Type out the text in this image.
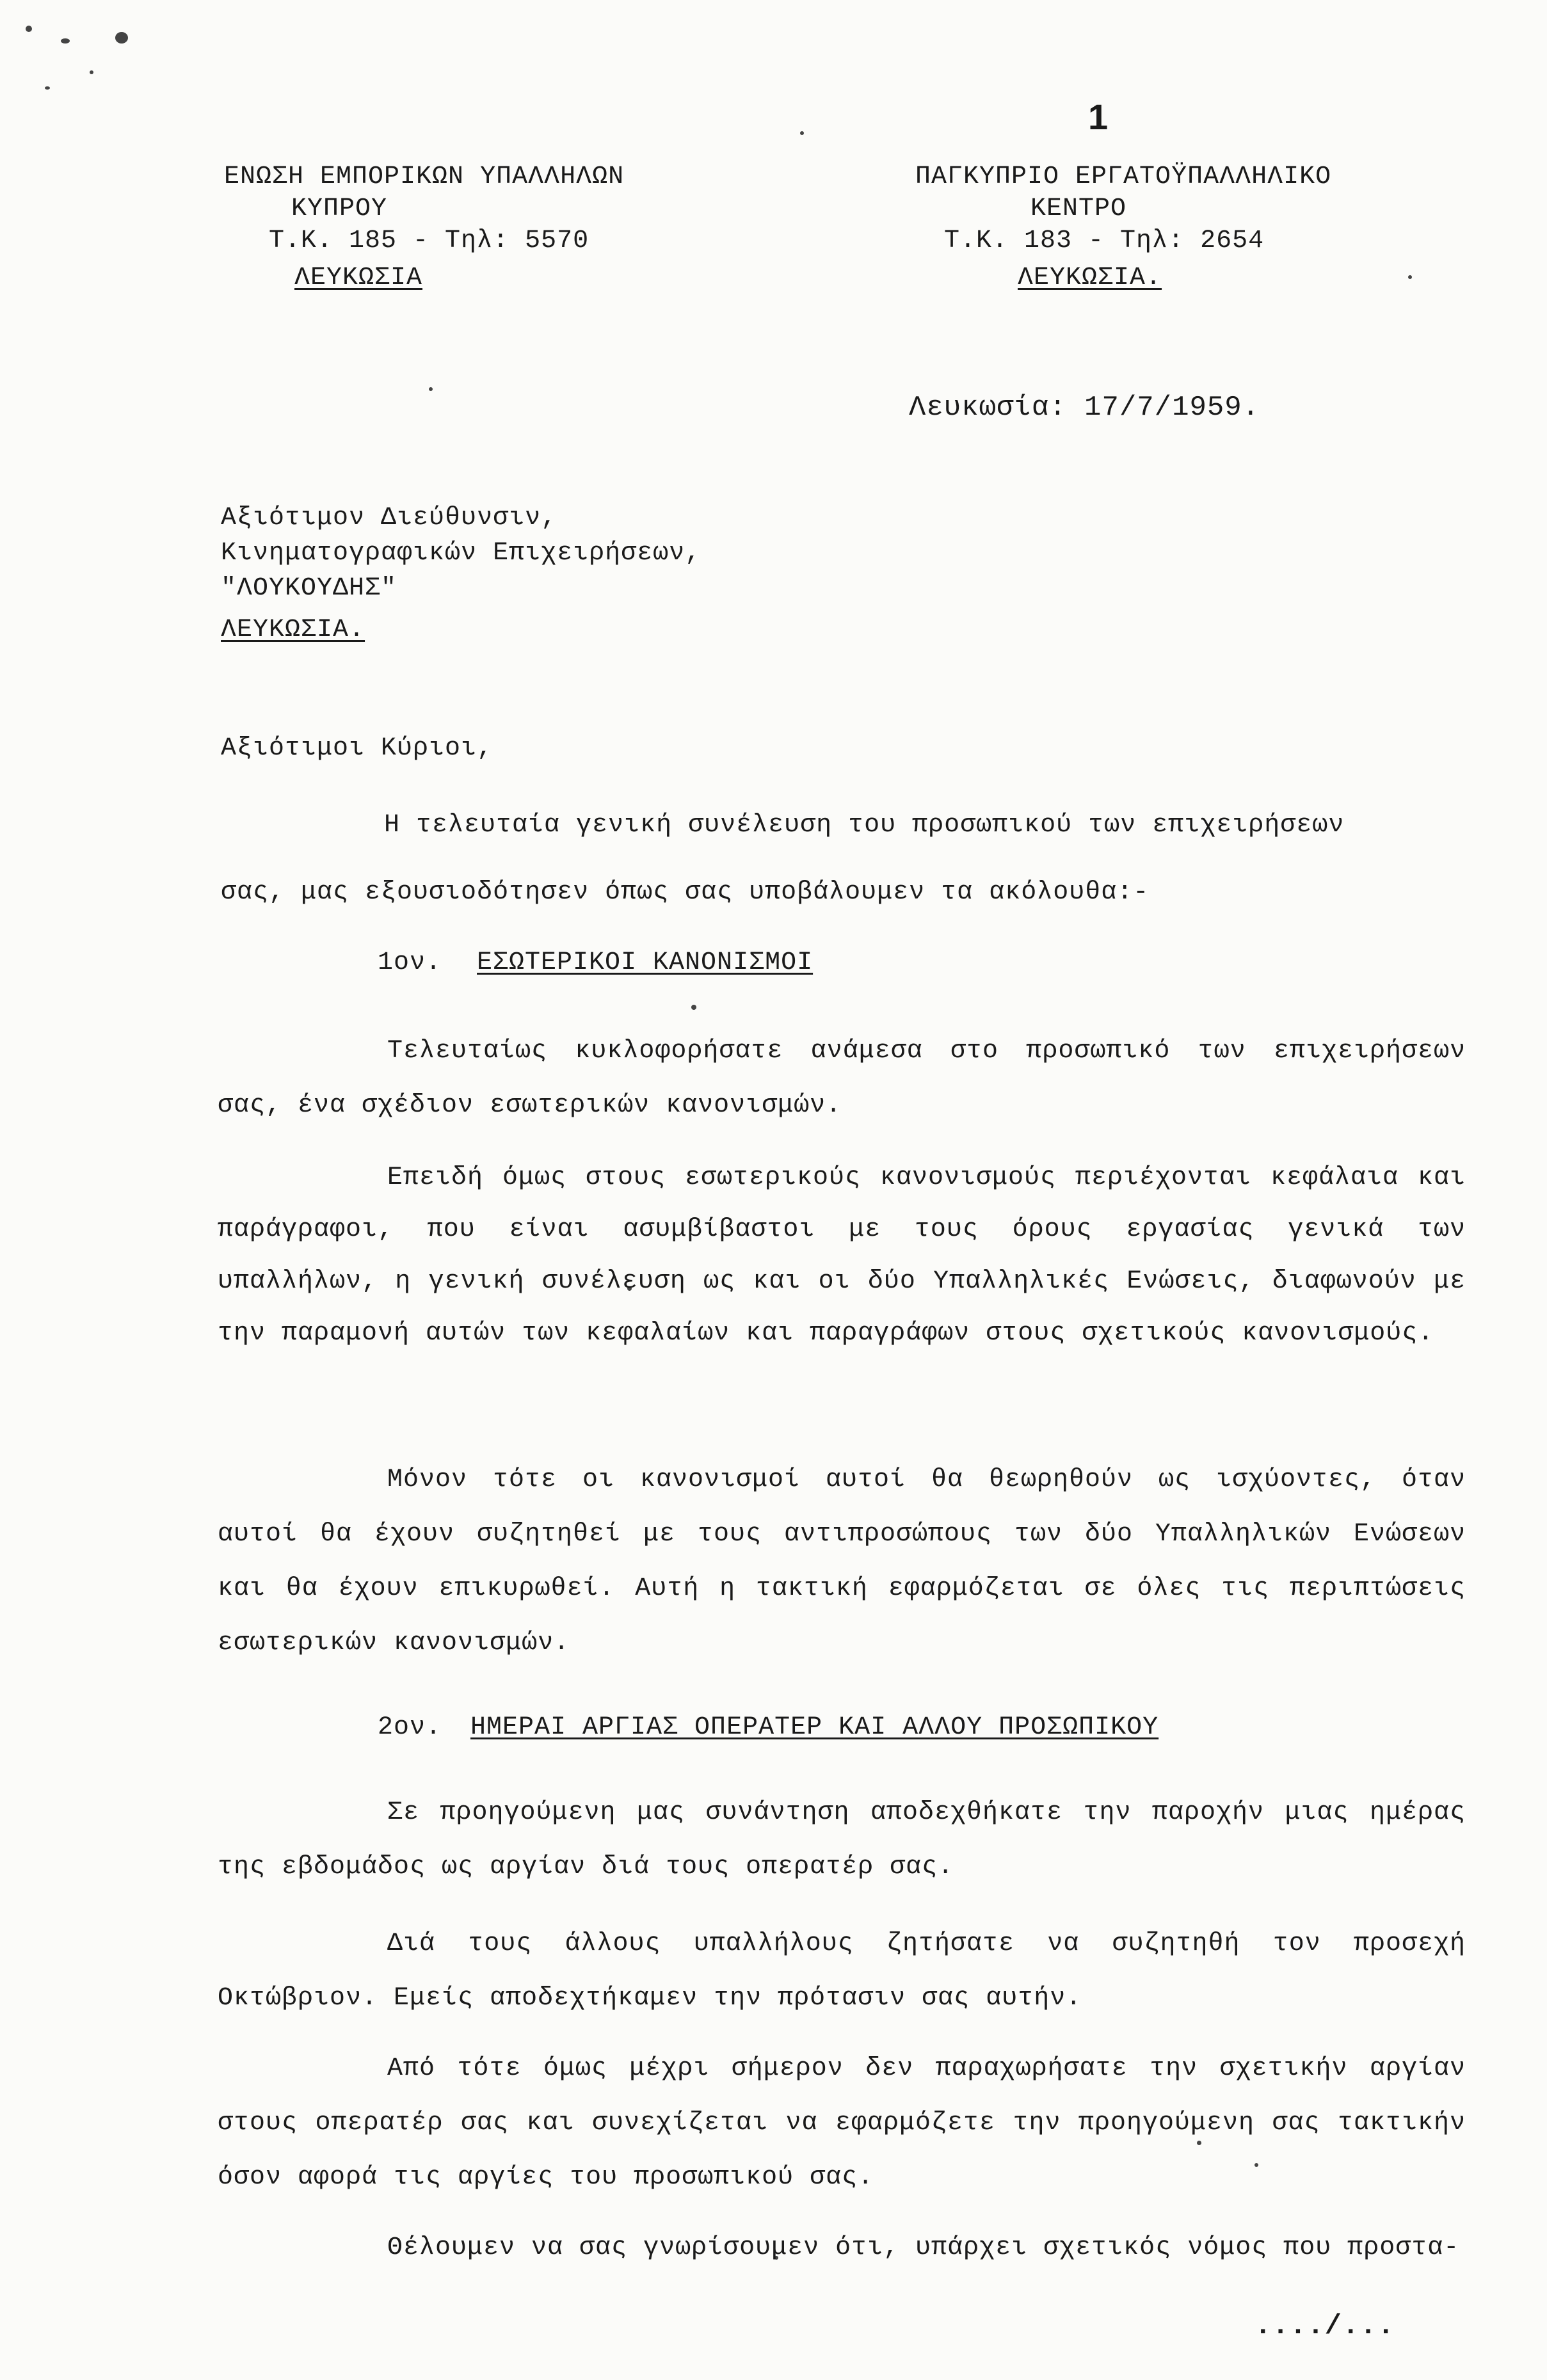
1
ΕΝΩΣΗ ΕΜΠΟΡΙΚΩΝ ΥΠΑΛΛΗΛΩΝ
ΚΥΠΡΟΥ
Τ.Κ. 185 - Τηλ: 5570
ΛΕΥΚΩΣΙΑ
ΠΑΓΚΥΠΡΙΟ ΕΡΓΑΤΟΫΠΑΛΛΗΛΙΚΟ
ΚΕΝΤΡΟ
Τ.Κ. 183 - Τηλ: 2654
ΛΕΥΚΩΣΙΑ.
Λευκωσία: 17/7/1959.
Αξιότιμον Διεύθυνσιν,
Κινηματογραφικών Επιχειρήσεων,
"ΛΟΥΚΟΥΔΗΣ"
ΛΕΥΚΩΣΙΑ.
Αξιότιμοι Κύριοι,
Η τελευταία γενική συνέλευση του προσωπικού των επιχειρήσεων
σας, μας εξουσιοδότησεν όπως σας υποβάλουμεν τα ακόλουθα:-
1ον. ΕΣΩΤΕΡΙΚΟΙ ΚΑΝΟΝΙΣΜΟΙ

Τελευταίως κυκλοφορήσατε ανάμεσα στο προσωπικό των επιχειρήσεων σας, ένα σχέδιον εσωτερικών κανονισμών.

Επειδή όμως στους εσωτερικούς κανονισμούς περιέχονται κεφάλαια και παράγραφοι, που είναι ασυμβίβαστοι με τους όρους εργασίας γενικά των υπαλλήλων, η γενική συνέλευση ως και οι δύο Υπαλληλικές Ενώσεις, διαφωνούν με την παραμονή αυτών των κεφαλαίων και παραγράφων στους σχετικούς κανονισμούς.

Μόνον τότε οι κανονισμοί αυτοί θα θεωρηθούν ως ισχύοντες, όταν αυτοί θα έχουν συζητηθεί με τους αντιπροσώπους των δύο Υπαλληλικών Ενώσεων και θα έχουν επικυρωθεί. Αυτή η τακτική εφαρμόζεται σε όλες τις περιπτώσεις εσωτερικών κανονισμών.

2ον. ΗΜΕΡΑΙ ΑΡΓΙΑΣ ΟΠΕΡΑΤΕΡ ΚΑΙ ΑΛΛΟΥ ΠΡΟΣΩΠΙΚΟΥ

Σε προηγούμενη μας συνάντηση αποδεχθήκατε την παροχήν μιας ημέρας της εβδομάδος ως αργίαν διά τους οπερατέρ σας.

Διά τους άλλους υπαλλήλους ζητήσατε να συζητηθή τον προσεχή Οκτώβριον. Εμείς αποδεχτήκαμεν την πρότασιν σας αυτήν.

Από τότε όμως μέχρι σήμερον δεν παραχωρήσατε την σχετικήν αργίαν στους οπερατέρ σας και συνεχίζεται να εφαρμόζετε την προηγούμενη σας τακτικήν όσον αφορά τις αργίες του προσωπικού σας.

Θέλουμεν να σας γνωρίσουμεν ότι, υπάρχει σχετικός νόμος που προστα-

..../...
